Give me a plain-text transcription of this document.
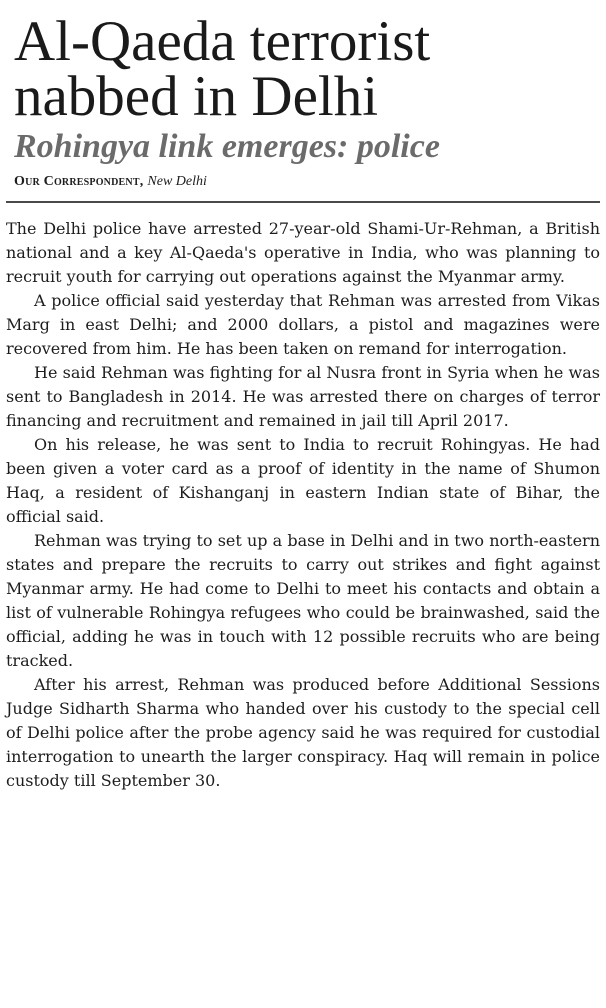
Al-Qaeda terrorist nabbed in Delhi
Rohingya link emerges: police
Our Correspondent, New Delhi

The Delhi police have arrested 27-year-old Shami-Ur-Rehman, a British national and a key Al-Qaeda's operative in India, who was planning to recruit youth for carrying out operations against the Myanmar army.

A police official said yesterday that Rehman was arrested from Vikas Marg in east Delhi; and 2000 dollars, a pistol and magazines were recovered from him. He has been taken on remand for interrogation.

He said Rehman was fighting for al Nusra front in Syria when he was sent to Bangladesh in 2014. He was arrested there on charges of terror financing and recruitment and remained in jail till April 2017.

On his release, he was sent to India to recruit Rohingyas. He had been given a voter card as a proof of identity in the name of Shumon Haq, a resident of Kishanganj in eastern Indian state of Bihar, the official said.

Rehman was trying to set up a base in Delhi and in two north-eastern states and prepare the recruits to carry out strikes and fight against Myanmar army. He had come to Delhi to meet his contacts and obtain a list of vulnerable Rohingya refugees who could be brainwashed, said the official, adding he was in touch with 12 possible recruits who are being tracked.

After his arrest, Rehman was produced before Additional Sessions Judge Sidharth Sharma who handed over his custody to the special cell of Delhi police after the probe agency said he was required for custodial interrogation to unearth the larger conspiracy. Haq will remain in police custody till September 30.
